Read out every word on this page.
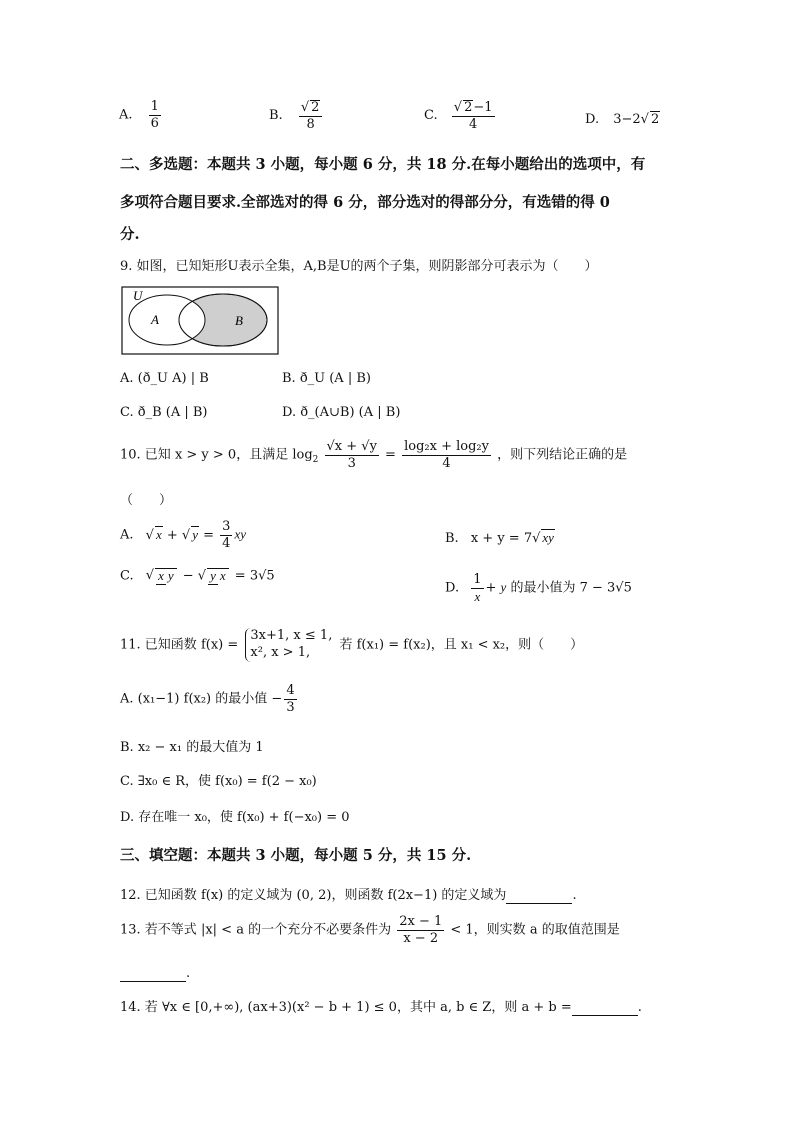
A. $\frac{1}{6}$	B. $\frac{√ 2}{8}$	C. $\frac{√ 2-1}{4}$	D. 3−2√ 2
二、多选题：本题共 3 小题，每小题 6 分，共 18 分.在每小题给出的选项中，有
多项符合题目要求.全部选对的得 6 分，部分选对的得部分分，有选错的得 0
分.
9. 如图，已知矩形U表示全集，A,B是U的两个子集，则阴影部分可表示为（　　）
U
A	B
A. (ð_U A) | B	B. ð_U (A | B)
C. ð_B (A | B)	D. ð_(A∪B) (A | B)
10. 已知 x > y > 0，且满足 $\log_2 \frac{√x + √y}{3} = \frac{\text{log₂x + log₂y}}{4}$ ，则下列结论正确的是
（　　）
A. √ x + √ $y = \frac{3}{4}$ xy	B. x + y = 7√ xy
C. √ x y − √ y x = 3√5
D. $\frac{1}{x} + y$ 的最小值为 7 − 3√5
11. 已知函数 f(x) =
3x+1, x ≤ 1,
x², x > 1,	若 f(x₁) = f(x₂)，且 x₁ < x₂，则（　　）
A. (x₁−1) f(x₂) 的最小值 − $\frac{4}{3}$
B. x₂ − x₁ 的最大值为 1
C. ∃x₀ ∈ R，使 f(x₀) = f(2 − x₀)
D. 存在唯一 x₀，使 f(x₀) + f(−x₀) = 0
三、填空题：本题共 3 小题，每小题 5 分，共 15 分.
12. 已知函数 f(x) 的定义域为 (0, 2)，则函数 f(2x−1) 的定义域为	.
13. 若不等式 |x| < a 的一个充分不必要条件为 $\frac{2x - 1}{x - 2} < 1$，则实数 a 的取值范围是
.
14. 若 ∀x ∈ [0,+∞), (ax+3)(x² − b + 1) ≤ 0，其中 a, b ∈ Z，则 a + b =	.
